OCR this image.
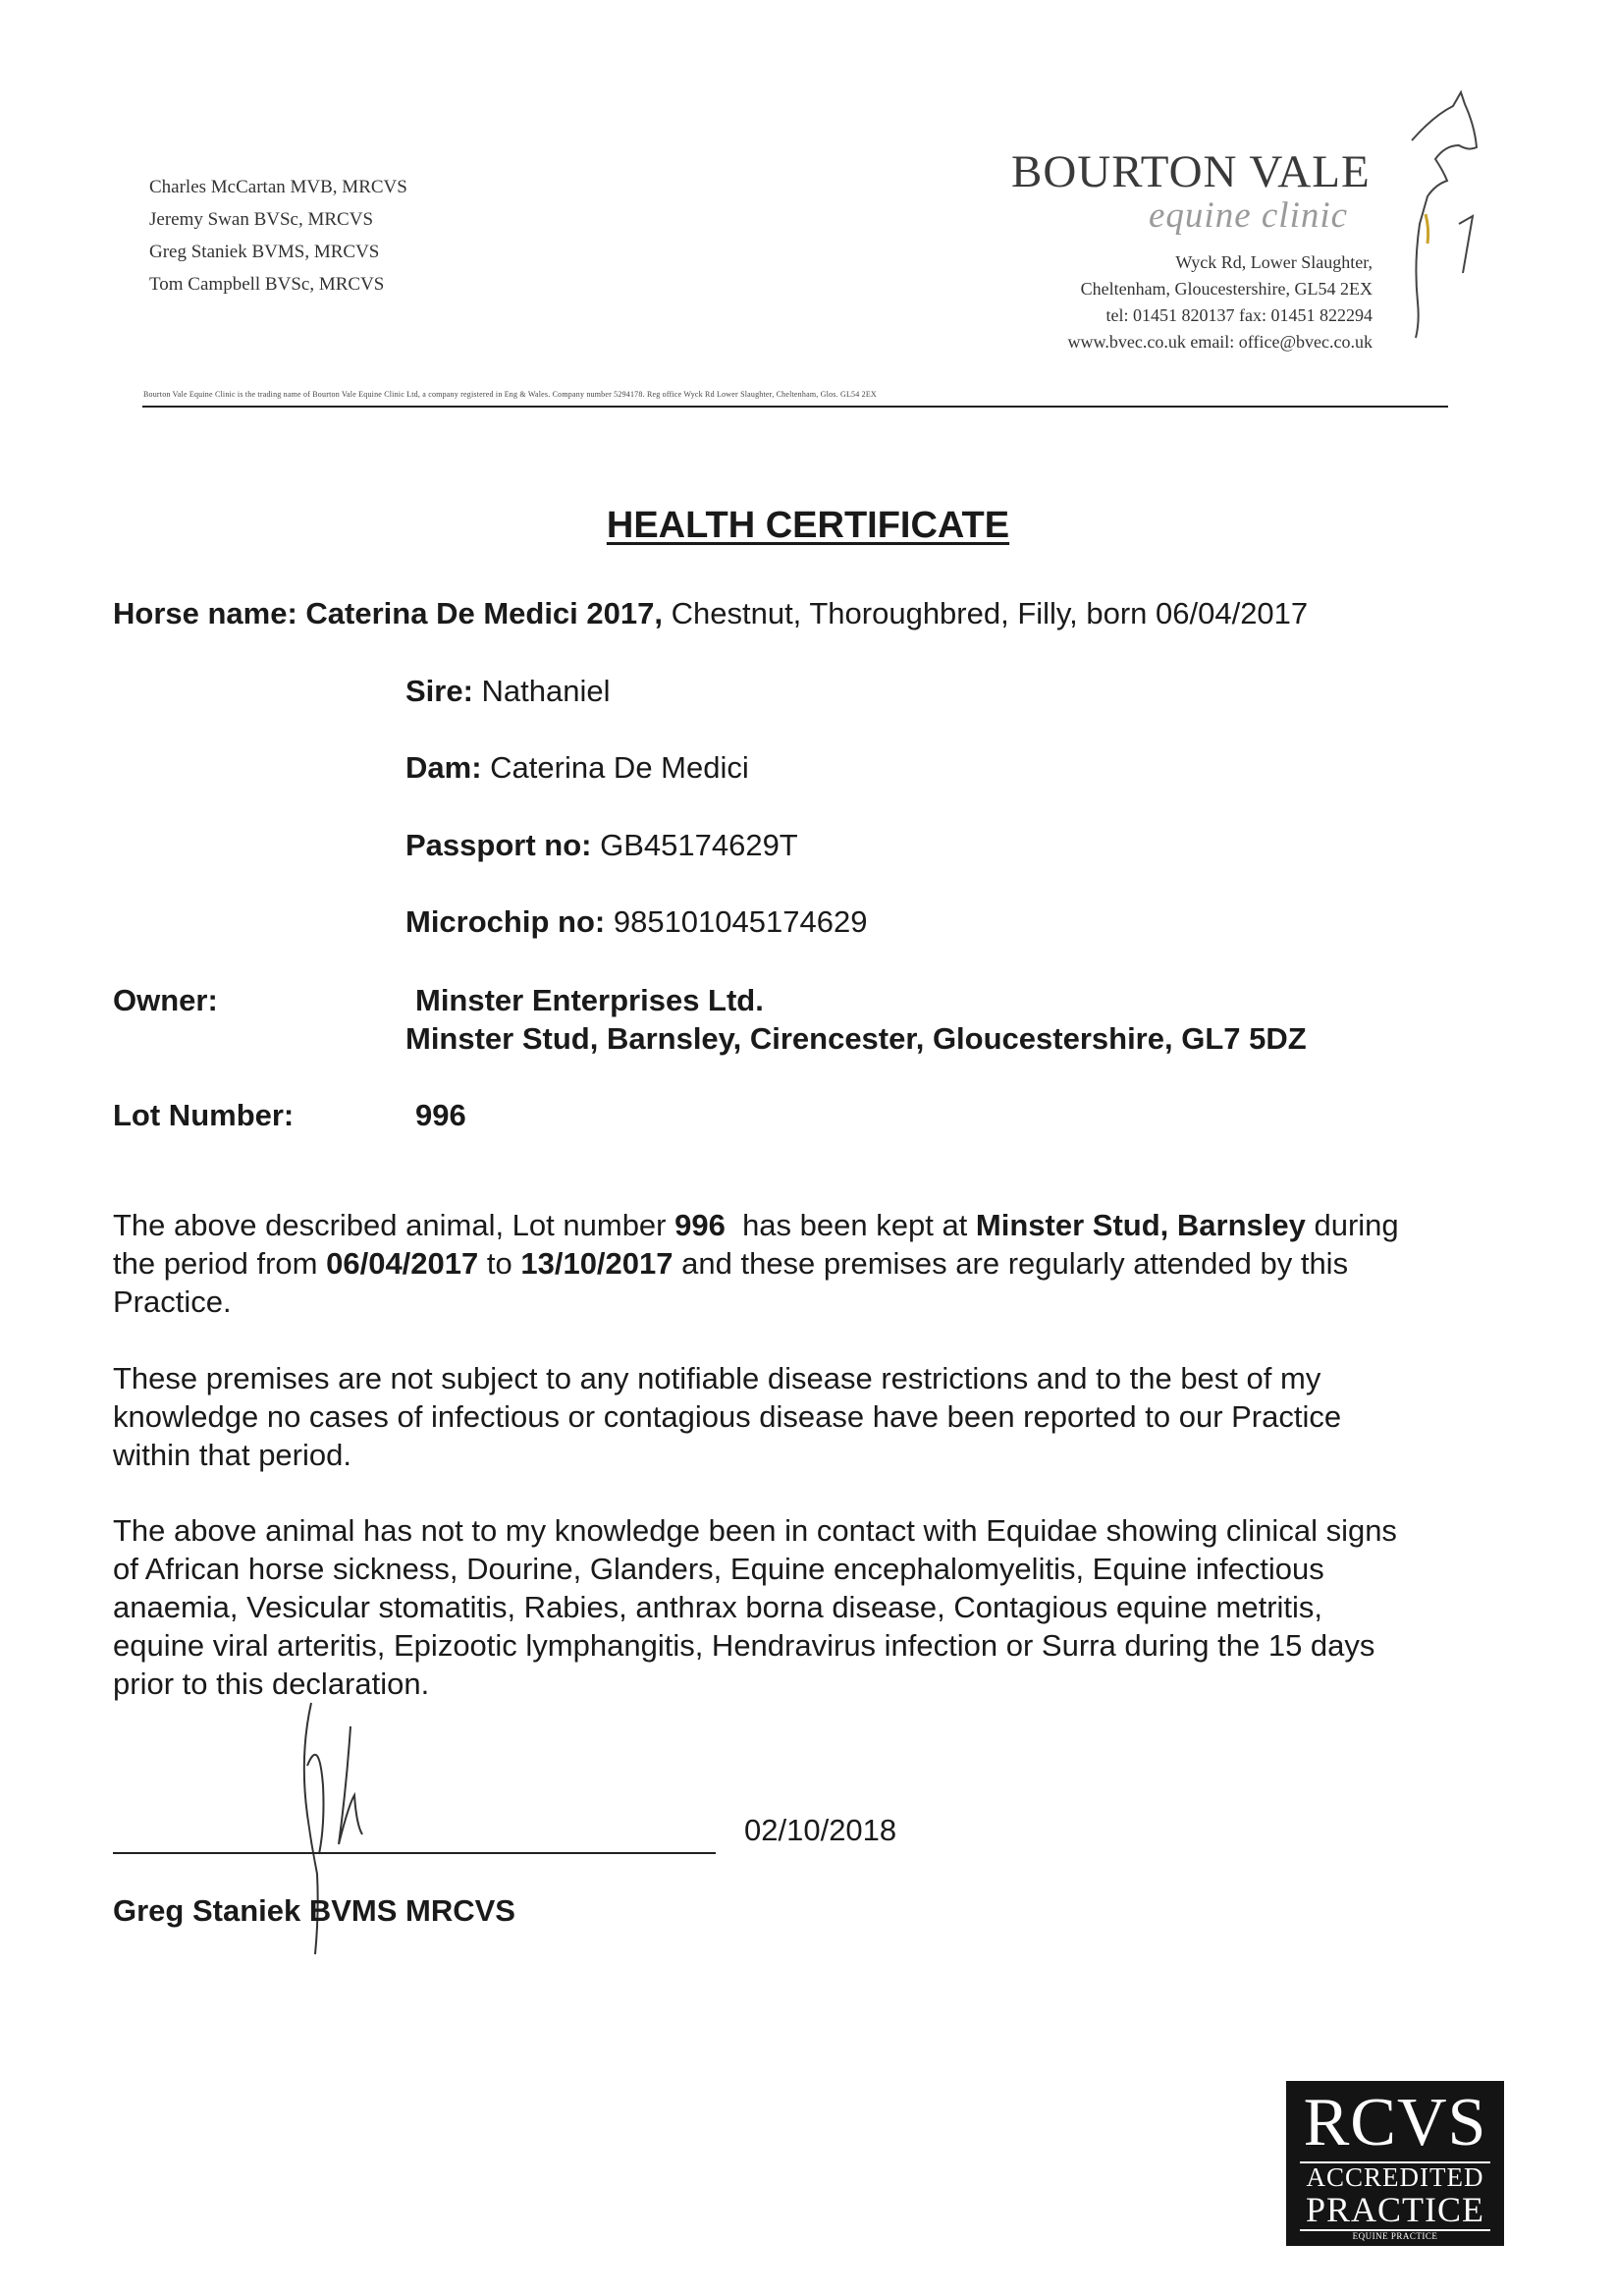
Charles McCartan MVB, MRCVS
Jeremy Swan BVSc, MRCVS
Greg Staniek BVMS, MRCVS
Tom Campbell BVSc, MRCVS
BOURTON VALE
equine clinic
Wyck Rd, Lower Slaughter,
Cheltenham, Gloucestershire, GL54 2EX
tel: 01451 820137 fax: 01451 822294
www.bvec.co.uk email: office@bvec.co.uk
Bourton Vale Equine Clinic is the trading name of Bourton Vale Equine Clinic Ltd, a company registered in Eng & Wales. Company number 5294178. Reg office Wyck Rd Lower Slaughter, Cheltenham, Glos. GL54 2EX
HEALTH CERTIFICATE
Horse name: Caterina De Medici 2017, Chestnut, Thoroughbred, Filly, born 06/04/2017
Sire: Nathaniel
Dam: Caterina De Medici
Passport no: GB45174629T
Microchip no: 985101045174629
Owner:	Minster Enterprises Ltd.
Minster Stud, Barnsley, Cirencester, Gloucestershire, GL7 5DZ
Lot Number:	996
The above described animal, Lot number 996  has been kept at Minster Stud, Barnsley during
the period from 06/04/2017 to 13/10/2017 and these premises are regularly attended by this
Practice.
These premises are not subject to any notifiable disease restrictions and to the best of my
knowledge no cases of infectious or contagious disease have been reported to our Practice
within that period.
The above animal has not to my knowledge been in contact with Equidae showing clinical signs
of African horse sickness, Dourine, Glanders, Equine encephalomyelitis, Equine infectious
anaemia, Vesicular stomatitis, Rabies, anthrax borna disease, Contagious equine metritis,
equine viral arteritis, Epizootic lymphangitis, Hendravirus infection or Surra during the 15 days
prior to this declaration.
02/10/2018
Greg Staniek BVMS MRCVS
RCVS
ACCREDITED
PRACTICE
EQUINE PRACTICE
